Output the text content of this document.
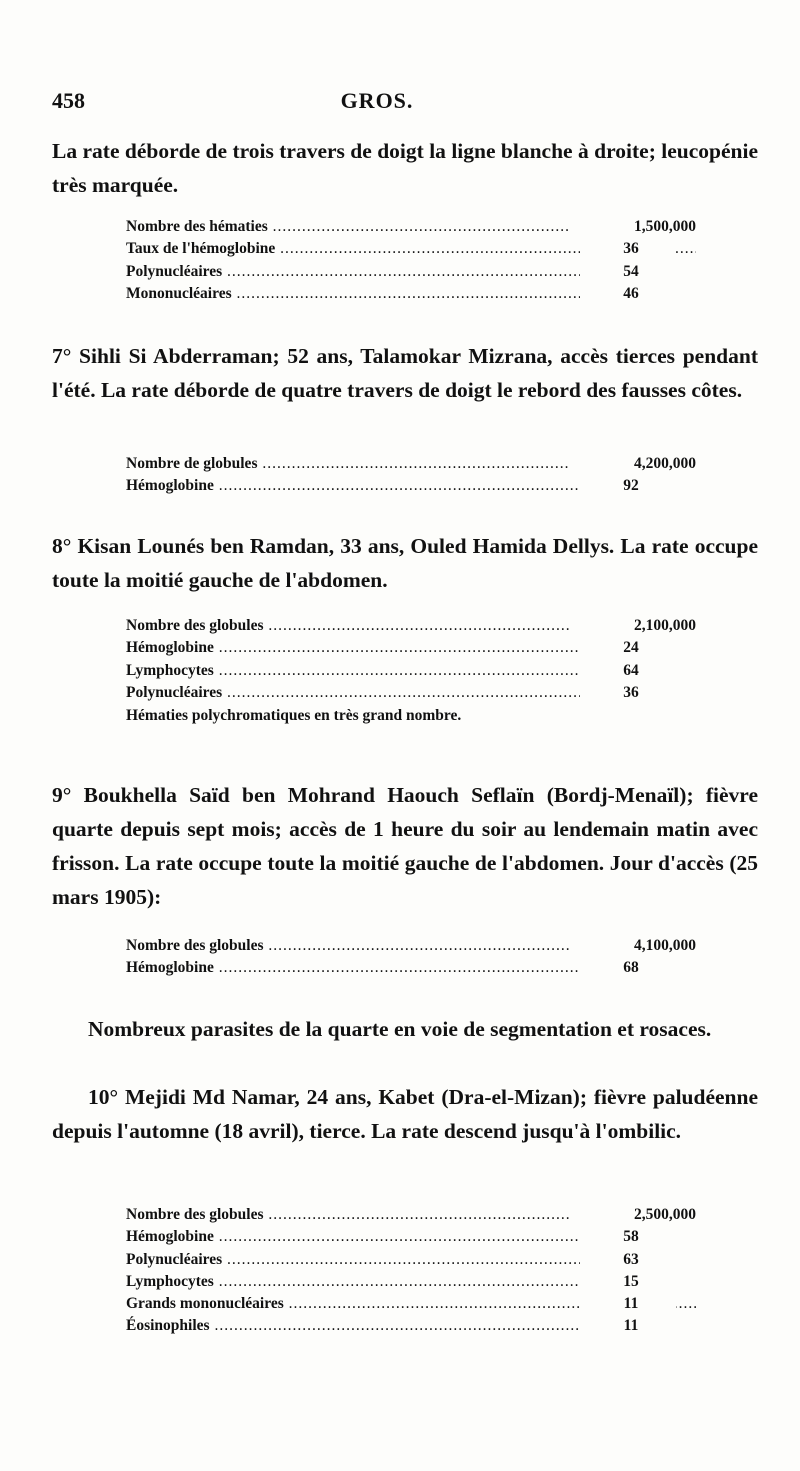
458	GROS.
La rate déborde de trois travers de doigt la ligne blanche à droite; leucopénie très marquée.
Nombre des hématies .....	1,500,000
Taux de l'hémoglobine .....	36
Polynucléaires .....	54
Mononucléaires .....	46
7° Sihli Si Abderraman; 52 ans, Talamokar Mizrana, accès tierces pendant l'été. La rate déborde de quatre travers de doigt le rebord des fausses côtes.
Nombre de globules .....	4,200,000
Hémoglobine .....	92
8° Kisan Lounés ben Ramdan, 33 ans, Ouled Hamida Dellys. La rate occupe toute la moitié gauche de l'abdomen.
Nombre des globules .....	2,100,000
Hémoglobine .....	24
Lymphocytes .....	64
Polynucléaires .....	36
Hématies polychromatiques en très grand nombre.
9° Boukhella Saïd ben Mohrand Haouch Seflaïn (Bordj-Menaïl); fièvre quarte depuis sept mois; accès de 1 heure du soir au lendemain matin avec frisson. La rate occupe toute la moitié gauche de l'abdomen. Jour d'accès (25 mars 1905):
Nombre des globules .....	4,100,000
Hémoglobine .....	68
Nombreux parasites de la quarte en voie de segmentation et rosaces.
10° Mejidi Md Namar, 24 ans, Kabet (Dra-el-Mizan); fièvre paludéenne depuis l'automne (18 avril), tierce. La rate descend jusqu'à l'ombilic.
Nombre des globules .....	2,500,000
Hémoglobine .....	58
Polynucléaires .....	63
Lymphocytes .....	15
Grands mononucléaires .....	11
Éosinophiles .....	11
